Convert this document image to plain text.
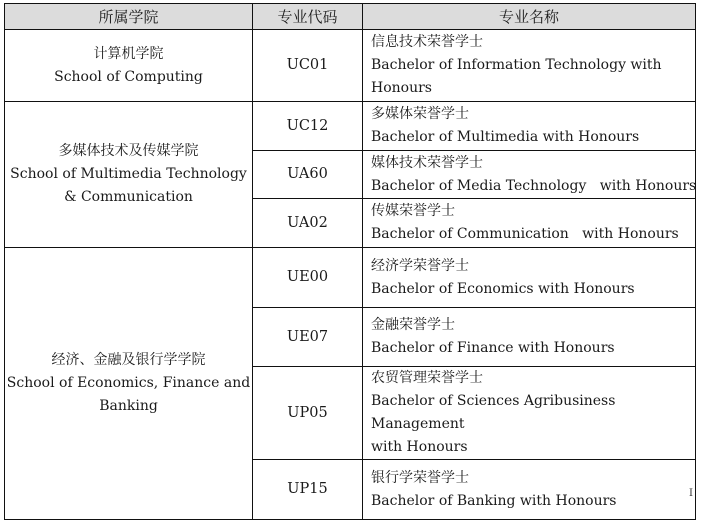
所属学院	专业代码	专业名称

计算机学院
School of Computing	UC01	信息技术荣誉学士
Bachelor of Information Technology with
Honours

多媒体技术及传媒学院
School of Multimedia Technology
& Communication	UC12	多媒体荣誉学士
Bachelor of Multimedia with Honours

	UA60	媒体技术荣誉学士
Bachelor of Media Technology   with Honours

	UA02	传媒荣誉学士
Bachelor of Communication   with Honours

经济、金融及银行学学院
School of Economics, Finance and
Banking	UE00	经济学荣誉学士
Bachelor of Economics with Honours

	UE07	金融荣誉学士
Bachelor of Finance with Honours

	UP05	农贸管理荣誉学士
Bachelor of Sciences Agribusiness Management
with Honours

	UP15	银行学荣誉学士
Bachelor of Banking with Honours	I
